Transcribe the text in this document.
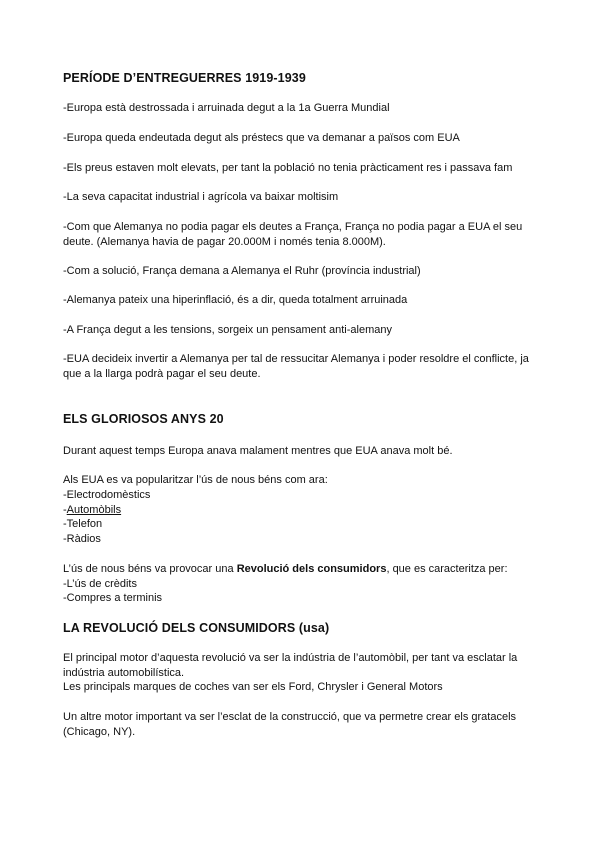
PERÍODE D’ENTREGUERRES 1919-1939
-Europa està destrossada i arruinada degut a la 1a Guerra Mundial
-Europa queda endeutada degut als préstecs que va demanar a països com EUA
-Els preus estaven molt elevats, per tant la població no tenia pràcticament res i passava fam
-La seva capacitat industrial i agrícola va baixar moltisim
-Com que Alemanya no podia pagar els deutes a França, França no podia pagar a EUA el seu deute. (Alemanya havia de pagar 20.000M i només tenia 8.000M).
-Com a solució, França demana a Alemanya el Ruhr (província industrial)
-Alemanya pateix una hiperinflació, és a dir, queda totalment arruinada
-A França degut a les tensions, sorgeix un pensament anti-alemany
-EUA decideix invertir a Alemanya per tal de ressucitar Alemanya i poder resoldre el conflicte, ja que a la llarga podrà pagar el seu deute.
ELS GLORIOSOS ANYS 20
Durant aquest temps Europa anava malament mentres que EUA anava molt bé.
Als EUA es va popularitzar l’ús de nous béns com ara:
-Electrodomèstics
-Automòbils
-Telefon
-Ràdios
L’ús de nous béns va provocar una Revolució dels consumidors, que es caracteritza per:
-L’ús de crèdits
-Compres a terminis
LA REVOLUCIÓ DELS CONSUMIDORS (usa)
El principal motor d’aquesta revolució va ser la indústria de l’automòbil, per tant va esclatar la indústria automobilística.
Les principals marques de coches van ser els Ford, Chrysler i General Motors
Un altre motor important va ser l’esclat de la construcció, que va permetre crear els gratacels (Chicago, NY).
